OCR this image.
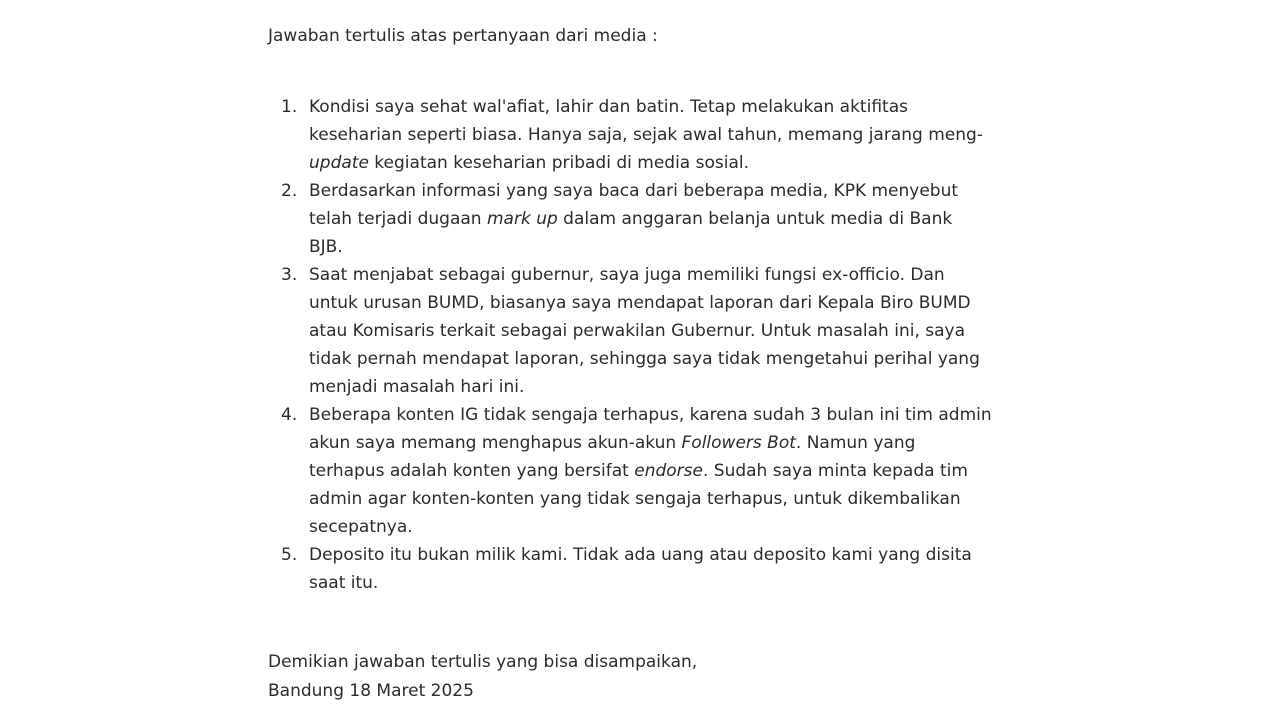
Jawaban tertulis atas pertanyaan dari media :

1. Kondisi saya sehat wal'afiat, lahir dan batin. Tetap melakukan aktifitas
keseharian seperti biasa. Hanya saja, sejak awal tahun, memang jarang meng-
update kegiatan keseharian pribadi di media sosial.
2. Berdasarkan informasi yang saya baca dari beberapa media, KPK menyebut
telah terjadi dugaan mark up dalam anggaran belanja untuk media di Bank
BJB.
3. Saat menjabat sebagai gubernur, saya juga memiliki fungsi ex-officio. Dan
untuk urusan BUMD, biasanya saya mendapat laporan dari Kepala Biro BUMD
atau Komisaris terkait sebagai perwakilan Gubernur. Untuk masalah ini, saya
tidak pernah mendapat laporan, sehingga saya tidak mengetahui perihal yang
menjadi masalah hari ini.
4. Beberapa konten IG tidak sengaja terhapus, karena sudah 3 bulan ini tim admin
akun saya memang menghapus akun-akun Followers Bot. Namun yang
terhapus adalah konten yang bersifat endorse. Sudah saya minta kepada tim
admin agar konten-konten yang tidak sengaja terhapus, untuk dikembalikan
secepatnya.
5. Deposito itu bukan milik kami. Tidak ada uang atau deposito kami yang disita
saat itu.

Demikian jawaban tertulis yang bisa disampaikan,

Bandung 18 Maret 2025
